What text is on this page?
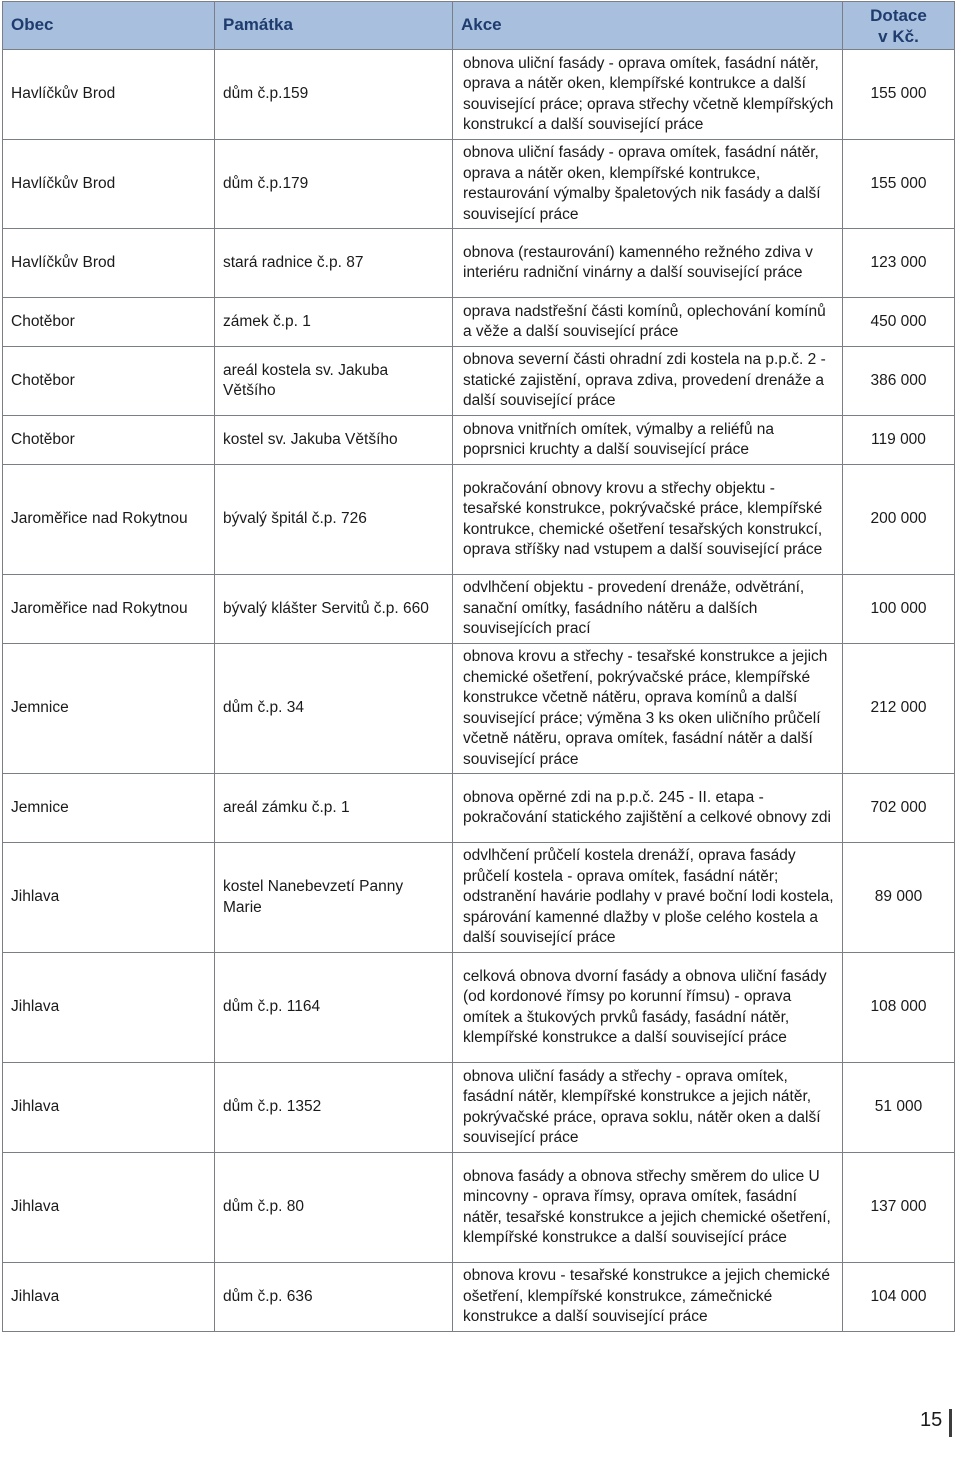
Obec	Památka	Akce	Dotace
v Kč.
Havlíčkův Brod	dům č.p.159	obnova uliční fasády - oprava omítek, fasádní nátěr, oprava a nátěr oken, klempířské kontrukce a další související práce; oprava střechy včetně klempířských konstrukcí a další související práce	155 000
Havlíčkův Brod	dům č.p.179	obnova uliční fasády - oprava omítek, fasádní nátěr, oprava a nátěr oken, klempířské kontrukce, restaurování výmalby špaletových nik fasády a další související práce	155 000
Havlíčkův Brod	stará radnice č.p. 87	obnova (restaurování) kamenného režného zdiva v interiéru radniční vinárny a další související práce	123 000
Chotěbor	zámek č.p. 1	oprava nadstřešní části komínů, oplechování komínů a věže a další související práce	450 000
Chotěbor	areál kostela sv. Jakuba Většího	obnova severní části ohradní zdi kostela na p.p.č. 2 - statické zajistění, oprava zdiva, provedení drenáže a další související práce	386 000
Chotěbor	kostel sv. Jakuba Většího	obnova vnitřních omítek, výmalby a reliéfů na poprsnici kruchty a další související práce	119 000
Jaroměřice nad Rokytnou	bývalý špitál č.p. 726	pokračování obnovy krovu a střechy objektu - tesařské konstrukce, pokrývačské práce, klempířské kontrukce, chemické ošetření tesařských konstrukcí, oprava stříšky nad vstupem a další související práce	200 000
Jaroměřice nad Rokytnou	bývalý klášter Servitů č.p. 660	odvlhčení objektu - provedení drenáže, odvětrání, sanační omítky, fasádního nátěru a dalších souvisejících prací	100 000
Jemnice	dům č.p. 34	obnova krovu a střechy - tesařské konstrukce a jejich chemické ošetření, pokrývačské práce, klempířské konstrukce včetně nátěru, oprava komínů a další související práce; výměna 3 ks oken uličního průčelí včetně nátěru, oprava omítek, fasádní nátěr a další související práce	212 000
Jemnice	areál zámku č.p. 1	obnova opěrné zdi na p.p.č. 245 - II. etapa - pokračování statického zajištění a celkové obnovy zdi	702 000
Jihlava	kostel Nanebevzetí Panny Marie	odvlhčení průčelí kostela drenáží, oprava fasády průčelí kostela - oprava omítek, fasádní nátěr; odstranění havárie podlahy v pravé boční lodi kostela, spárování kamenné dlažby v ploše celého kostela a další související práce	89 000
Jihlava	dům č.p. 1164	celková obnova dvorní fasády a obnova uliční fasády (od kordonové římsy po korunní římsu) - oprava omítek a štukových prvků fasády, fasádní nátěr, klempířské konstrukce a další související práce	108 000
Jihlava	dům č.p. 1352	obnova uliční fasády a střechy - oprava omítek, fasádní nátěr, klempířské konstrukce a jejich nátěr, pokrývačské práce, oprava soklu, nátěr oken a další související práce	51 000
Jihlava	dům č.p. 80	obnova fasády a obnova střechy směrem do ulice U mincovny - oprava římsy, oprava omítek, fasádní nátěr, tesařské konstrukce a jejich chemické ošetření, klempířské konstrukce a další související práce	137 000
Jihlava	dům č.p. 636	obnova krovu - tesařské konstrukce a jejich chemické ošetření, klempířské konstrukce, zámečnické konstrukce a další související práce	104 000
15
